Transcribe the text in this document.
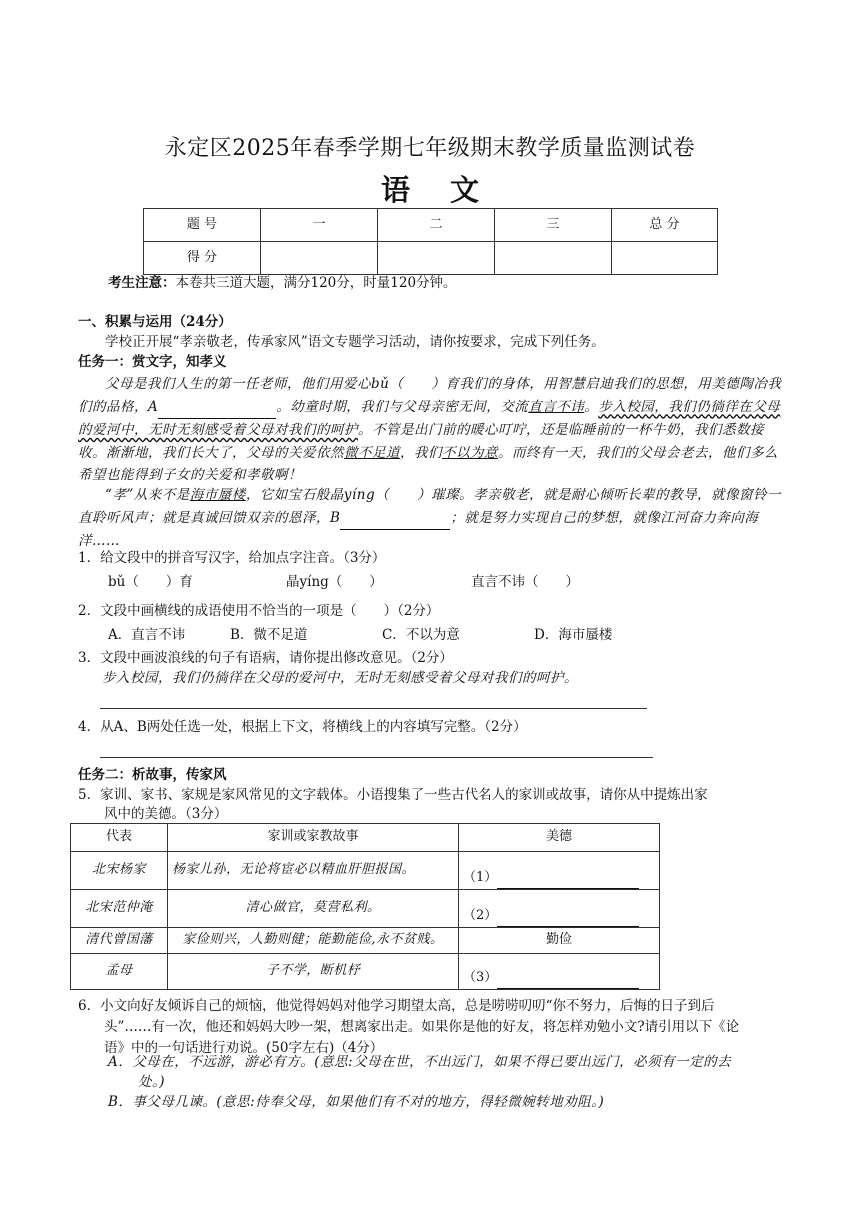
永定区2025年春季学期七年级期末教学质量监测试卷
语文
题 号	一	二	三	总 分
得 分				
考生注意：本卷共三道大题，满分120分，时量120分钟。
一、积累与运用（24分）
学校正开展“孝亲敬老，传承家风”语文专题学习活动，请你按要求，完成下列任务。
任务一：赏文字，知孝义
父母是我们人生的第一任老师，他们用爱心bǔ（　　）育我们的身体，用智慧启迪我们的思想，用美德陶冶我们的品格，A	。幼童时期，我们与父母亲密无间，交流直言不讳。步入校园，我们仍徜徉在父母的爱河中，无时无刻感受着父母对我们的呵护。不管是出门前的暖心叮咛，还是临睡前的一杯牛奶，我们悉数接收。渐渐地，我们长大了，父母的关爱依然微不足道，我们不以为意。而终有一天，我们的父母会老去，他们多么希望也能得到子女的关爱和孝敬啊！
“孝”从来不是海市蜃楼，它如宝石般晶yíng（　　）璀璨。孝亲敬老，就是耐心倾听长辈的教导，就像窗铃一直聆听风声；就是真诚回馈双亲的恩泽，B	；就是努力实现自己的梦想，就像江河奋力奔向海洋……
1．给文段中的拼音写汉字，给加点字注音。（3分）
bǔ（　　）育	晶yíng（　　）	直言不讳（　　）
2．文段中画横线的成语使用不恰当的一项是（　　）（2分）
A．直言不讳	B．微不足道	C．不以为意	D．海市蜃楼
3．文段中画波浪线的句子有语病，请你提出修改意见。（2分）
步入校园，我们仍徜徉在父母的爱河中，无时无刻感受着父母对我们的呵护。
4．从A、B两处任选一处，根据上下文，将横线上的内容填写完整。（2分）
任务二：析故事，传家风
5．家训、家书、家规是家风常见的文字载体。小语搜集了一些古代名人的家训或故事，请你从中提炼出家
风中的美德。（3分）
代表	家训或家教故事	美德
北宋杨家	杨家儿孙，无论将宦必以精血肝胆报国。	（1）
北宋范仲淹	清心做官，莫营私利。	（2）
清代曾国藩	家俭则兴，人勤则健；能勤能俭,永不贫贱。	勤俭
孟母	子不学，断机杼	（3）
6．小文向好友倾诉自己的烦恼，他觉得妈妈对他学习期望太高，总是唠唠叨叨“你不努力，后悔的日子到后
头”……有一次，他还和妈妈大吵一架，想离家出走。如果你是他的好友，将怎样劝勉小文?请引用以下《论
语》中的一句话进行劝说。(50字左右)（4分）
A．父母在，不远游，游必有方。(意思:父母在世，不出远门，如果不得已要出远门，必须有一定的去
处。)
B．事父母几谏。(意思:侍奉父母，如果他们有不对的地方，得轻微婉转地劝阻。)
